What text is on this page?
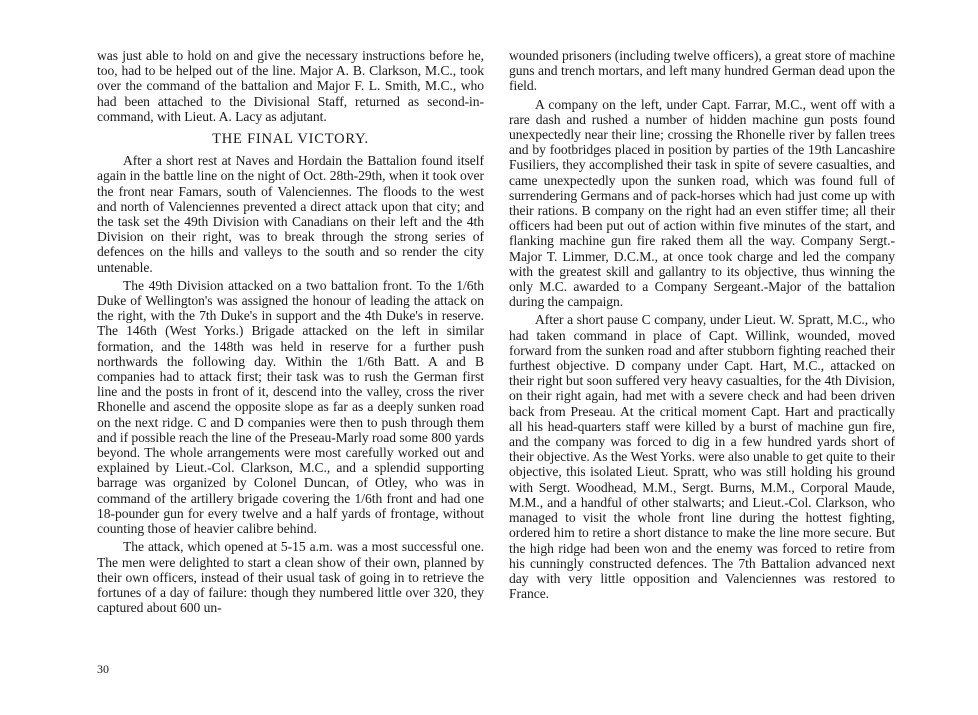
was just able to hold on and give the necessary instructions before he, too, had to be helped out of the line. Major A. B. Clarkson, M.C., took over the command of the battalion and Major F. L. Smith, M.C., who had been attached to the Divisional Staff, returned as second-in-command, with Lieut. A. Lacy as adjutant.

THE FINAL VICTORY.

After a short rest at Naves and Hordain the Battalion found itself again in the battle line on the night of Oct. 28th-29th, when it took over the front near Famars, south of Valenciennes. The floods to the west and north of Valenciennes prevented a direct attack upon that city; and the task set the 49th Division with Canadians on their left and the 4th Division on their right, was to break through the strong series of defences on the hills and valleys to the south and so render the city untenable.

The 49th Division attacked on a two battalion front. To the 1/6th Duke of Wellington's was assigned the honour of leading the attack on the right, with the 7th Duke's in support and the 4th Duke's in reserve. The 146th (West Yorks.) Brigade attacked on the left in similar formation, and the 148th was held in reserve for a further push northwards the following day. Within the 1/6th Batt. A and B companies had to attack first; their task was to rush the German first line and the posts in front of it, descend into the valley, cross the river Rhonelle and ascend the opposite slope as far as a deeply sunken road on the next ridge. C and D companies were then to push through them and if possible reach the line of the Preseau-Marly road some 800 yards beyond. The whole arrangements were most carefully worked out and explained by Lieut.-Col. Clarkson, M.C., and a splendid supporting barrage was organized by Colonel Duncan, of Otley, who was in command of the artillery brigade covering the 1/6th front and had one 18-pounder gun for every twelve and a half yards of frontage, without counting those of heavier calibre behind.

The attack, which opened at 5-15 a.m. was a most successful one. The men were delighted to start a clean show of their own, planned by their own officers, instead of their usual task of going in to retrieve the fortunes of a day of failure: though they numbered little over 320, they captured about 600 un-

wounded prisoners (including twelve officers), a great store of machine guns and trench mortars, and left many hundred German dead upon the field.

A company on the left, under Capt. Farrar, M.C., went off with a rare dash and rushed a number of hidden machine gun posts found unexpectedly near their line; crossing the Rhonelle river by fallen trees and by footbridges placed in position by parties of the 19th Lancashire Fusiliers, they accomplished their task in spite of severe casualties, and came unexpectedly upon the sunken road, which was found full of surrendering Germans and of pack-horses which had just come up with their rations. B company on the right had an even stiffer time; all their officers had been put out of action within five minutes of the start, and flanking machine gun fire raked them all the way. Company Sergt.-Major T. Limmer, D.C.M., at once took charge and led the company with the greatest skill and gallantry to its objective, thus winning the only M.C. awarded to a Company Sergeant.-Major of the battalion during the campaign.

After a short pause C company, under Lieut. W. Spratt, M.C., who had taken command in place of Capt. Willink, wounded, moved forward from the sunken road and after stubborn fighting reached their furthest objective. D company under Capt. Hart, M.C., attacked on their right but soon suffered very heavy casualties, for the 4th Division, on their right again, had met with a severe check and had been driven back from Preseau. At the critical moment Capt. Hart and practically all his head-quarters staff were killed by a burst of machine gun fire, and the company was forced to dig in a few hundred yards short of their objective. As the West Yorks. were also unable to get quite to their objective, this isolated Lieut. Spratt, who was still holding his ground with Sergt. Woodhead, M.M., Sergt. Burns, M.M., Corporal Maude, M.M., and a handful of other stalwarts; and Lieut.-Col. Clarkson, who managed to visit the whole front line during the hottest fighting, ordered him to retire a short distance to make the line more secure. But the high ridge had been won and the enemy was forced to retire from his cunningly constructed defences. The 7th Battalion advanced next day with very little opposition and Valenciennes was restored to France.

30
